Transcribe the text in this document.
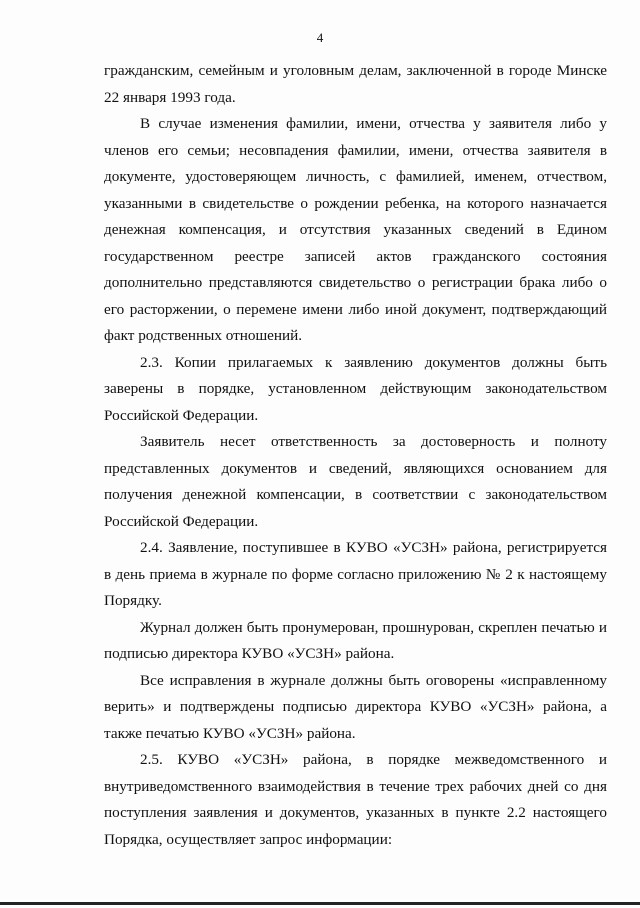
4

гражданским, семейным и уголовным делам, заключенной в городе Минске 22 января 1993 года.

В случае изменения фамилии, имени, отчества у заявителя либо у членов его семьи; несовпадения фамилии, имени, отчества заявителя в документе, удостоверяющем личность, с фамилией, именем, отчеством, указанными в свидетельстве о рождении ребенка, на которого назначается денежная компенсация, и отсутствия указанных сведений в Едином государственном реестре записей актов гражданского состояния дополнительно представляются свидетельство о регистрации брака либо о его расторжении, о перемене имени либо иной документ, подтверждающий факт родственных отношений.

2.3. Копии прилагаемых к заявлению документов должны быть заверены в порядке, установленном действующим законодательством Российской Федерации.

Заявитель несет ответственность за достоверность и полноту представленных документов и сведений, являющихся основанием для получения денежной компенсации, в соответствии с законодательством Российской Федерации.

2.4. Заявление, поступившее в КУВО «УСЗН» района, регистрируется в день приема в журнале по форме согласно приложению № 2 к настоящему Порядку.

Журнал должен быть пронумерован, прошнурован, скреплен печатью и подписью директора КУВО «УСЗН» района.

Все исправления в журнале должны быть оговорены «исправленному верить» и подтверждены подписью директора КУВО «УСЗН» района, а также печатью КУВО «УСЗН» района.

2.5. КУВО «УСЗН» района, в порядке межведомственного и внутриведомственного взаимодействия в течение трех рабочих дней со дня поступления заявления и документов, указанных в пункте 2.2 настоящего Порядка, осуществляет запрос информации:
